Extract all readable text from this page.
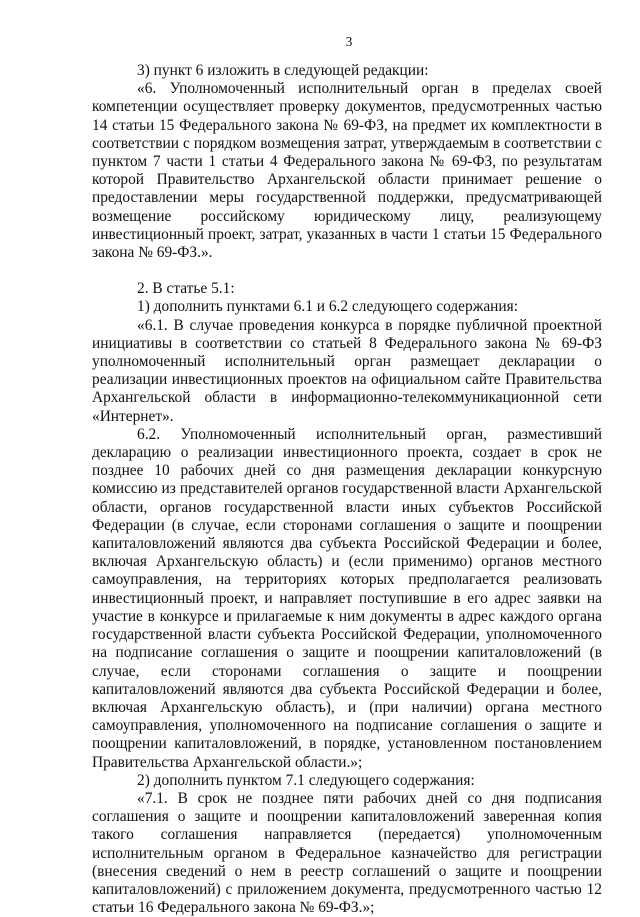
3

3) пункт 6 изложить в следующей редакции:

«6. Уполномоченный исполнительный орган в пределах своей компетенции осуществляет проверку документов, предусмотренных частью 14 статьи 15 Федерального закона № 69-ФЗ, на предмет их комплектности в соответствии с порядком возмещения затрат, утверждаемым в соответствии с пунктом 7 части 1 статьи 4 Федерального закона № 69-ФЗ, по результатам которой Правительство Архангельской области принимает решение о предоставлении меры государственной поддержки, предусматривающей возмещение российскому юридическому лицу, реализующему инвестиционный проект, затрат, указанных в части 1 статьи 15 Федерального закона № 69-ФЗ.».

2. В статье 5.1:

1) дополнить пунктами 6.1 и 6.2 следующего содержания:

«6.1. В случае проведения конкурса в порядке публичной проектной инициативы в соответствии со статьей 8 Федерального закона № 69-ФЗ уполномоченный исполнительный орган размещает декларации о реализации инвестиционных проектов на официальном сайте Правительства Архангельской области в информационно-телекоммуникационной сети «Интернет».

6.2. Уполномоченный исполнительный орган, разместивший декларацию о реализации инвестиционного проекта, создает в срок не позднее 10 рабочих дней со дня размещения декларации конкурсную комиссию из представителей органов государственной власти Архангельской области, органов государственной власти иных субъектов Российской Федерации (в случае, если сторонами соглашения о защите и поощрении капиталовложений являются два субъекта Российской Федерации и более, включая Архангельскую область) и (если применимо) органов местного самоуправления, на территориях которых предполагается реализовать инвестиционный проект, и направляет поступившие в его адрес заявки на участие в конкурсе и прилагаемые к ним документы в адрес каждого органа государственной власти субъекта Российской Федерации, уполномоченного на подписание соглашения о защите и поощрении капиталовложений (в случае, если сторонами соглашения о защите и поощрении капиталовложений являются два субъекта Российской Федерации и более, включая Архангельскую область), и (при наличии) органа местного самоуправления, уполномоченного на подписание соглашения о защите и поощрении капиталовложений, в порядке, установленном постановлением Правительства Архангельской области.»;

2) дополнить пунктом 7.1 следующего содержания:

«7.1. В срок не позднее пяти рабочих дней со дня подписания соглашения о защите и поощрении капиталовложений заверенная копия такого соглашения направляется (передается) уполномоченным исполнительным органом в Федеральное казначейство для регистрации (внесения сведений о нем в реестр соглашений о защите и поощрении капиталовложений) с приложением документа, предусмотренного частью 12 статьи 16 Федерального закона № 69-ФЗ.»;
